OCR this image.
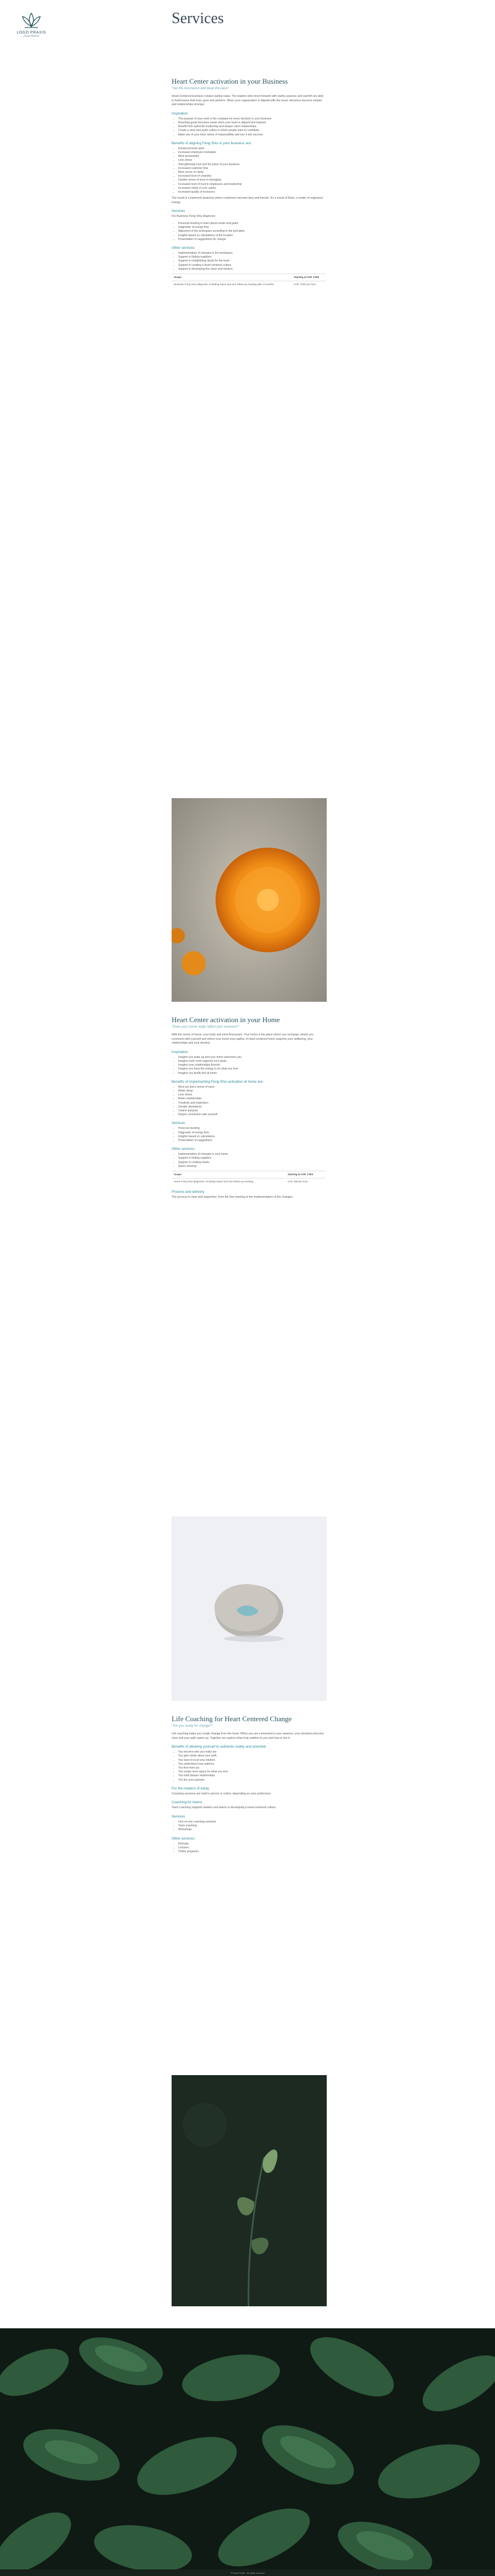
LOGO PRAXIS
Heart-Based
Services
Heart Center activation in your Business
"Set the resonance and keep the pace"

Heart-Centered business creates lasting value. The leaders who move forward with clarity, purpose and warmth are able to build teams that trust, grow and perform. When your organization is aligned with the heart, decisions become simpler and relationships stronger.

Inspiration
• The purpose of your work is the compass for every decision in your business
• Reaching goals becomes easier when your team is aligned and inspired
• Benefit from authentic leadership and deeper client relationships
• Create a clear and joyful culture in which people want to contribute
• Make use of your inner sense of responsibility and turn it into success
Benefits of aligning Feng Shui in your business are:
• Enhanced team spirit
• Increased employee motivation
• More productivity
• Less stress
• Strengthening trust and the pulse of your business
• Increased customer flow
• More sense of clarity
• Increased level of creativity
• Greater sense of ease in managing
• Increased level of trust in employees and leadership
• Increased clarity of core values
• Increased quality of resources

The result is a harmonic business where customers become fans and friends. It's a result of flows, a center of organized energy.

Services

For Business Feng Shui diagnosis:

• Personal meeting to learn about needs and goals
• Diagnostic of energy flow
• Alignment of the workspace according to the principles
• Insights based on calculations of the location
• Presentation of suggestions for change
Other services:
• Implementation of changes in the workspace
• Support in finding suppliers
• Support in establishing rituals for the team
• Support in creating a heart-centered culture
• Support in developing the vision and mission
Scope	Starting at CHF 1'500
Business Feng Shui diagnosis, including report and one follow-up meeting after 3 months.	CHF 1'500 per hour
Heart Center activation in your Home
"Does your home really reflect your essence?"

With the sense of home, your body and mind find peace. Your home is the place where you recharge, where you reconnect with yourself and where your loved ones gather. A heart-centered home supports your wellbeing, your relationships and your dreams.

Inspiration
• Imagine you wake up and your home welcomes you
• Imagine each room supports your goals
• Imagine your relationships flourish
• Imagine you have the energy to do what you love
• Imagine you finally feel at home
Benefits of implementing Feng Shui activation at home are:
• More joy and a sense of ease
• Better sleep
• Less stress
• Better relationships
• Creativity and inspiration
• Greater abundance
• Clearer purpose
• Deeper connection with yourself
Services
• Personal meeting
• Diagnostic of energy flow
• Insights based on calculations
• Presentation of suggestions
Other services:
• Implementation of changes in your home
• Support in finding suppliers
• Support in creating rituals
• Space clearing
Scope	Starting at CHF 1'000
Home Feng Shui diagnosis, including report and one follow-up meeting.	CHF 180 per hour
Process and delivery

The process is clear and supportive, from the first meeting to the implementation of the changes.

Life Coaching for Heart Centered Change
"Are you ready for change?"

Life coaching helps you create change from the heart. When you are connected to your essence, your decisions become clear and your path opens up. Together we explore what truly matters to you and how to live it.

Benefits of allowing yourself to authentic reality and potential
• You become who you really are
• You gain clarity about your path
• You learn to trust your intuition
• You understand your patterns
• You find more joy
• You create more space for what you love
• You build deeper relationships
• You live your purpose
For the readers of today

Coaching sessions are held in person or online, depending on your preference.

Coaching for teams

Team coaching supports leaders and teams in developing a heart-centered culture.

Services
• One-on-one coaching sessions
• Team coaching
• Workshops
Other services:
• Retreats
• Lectures
• Online programs
© Heart Praxis · All rights reserved
